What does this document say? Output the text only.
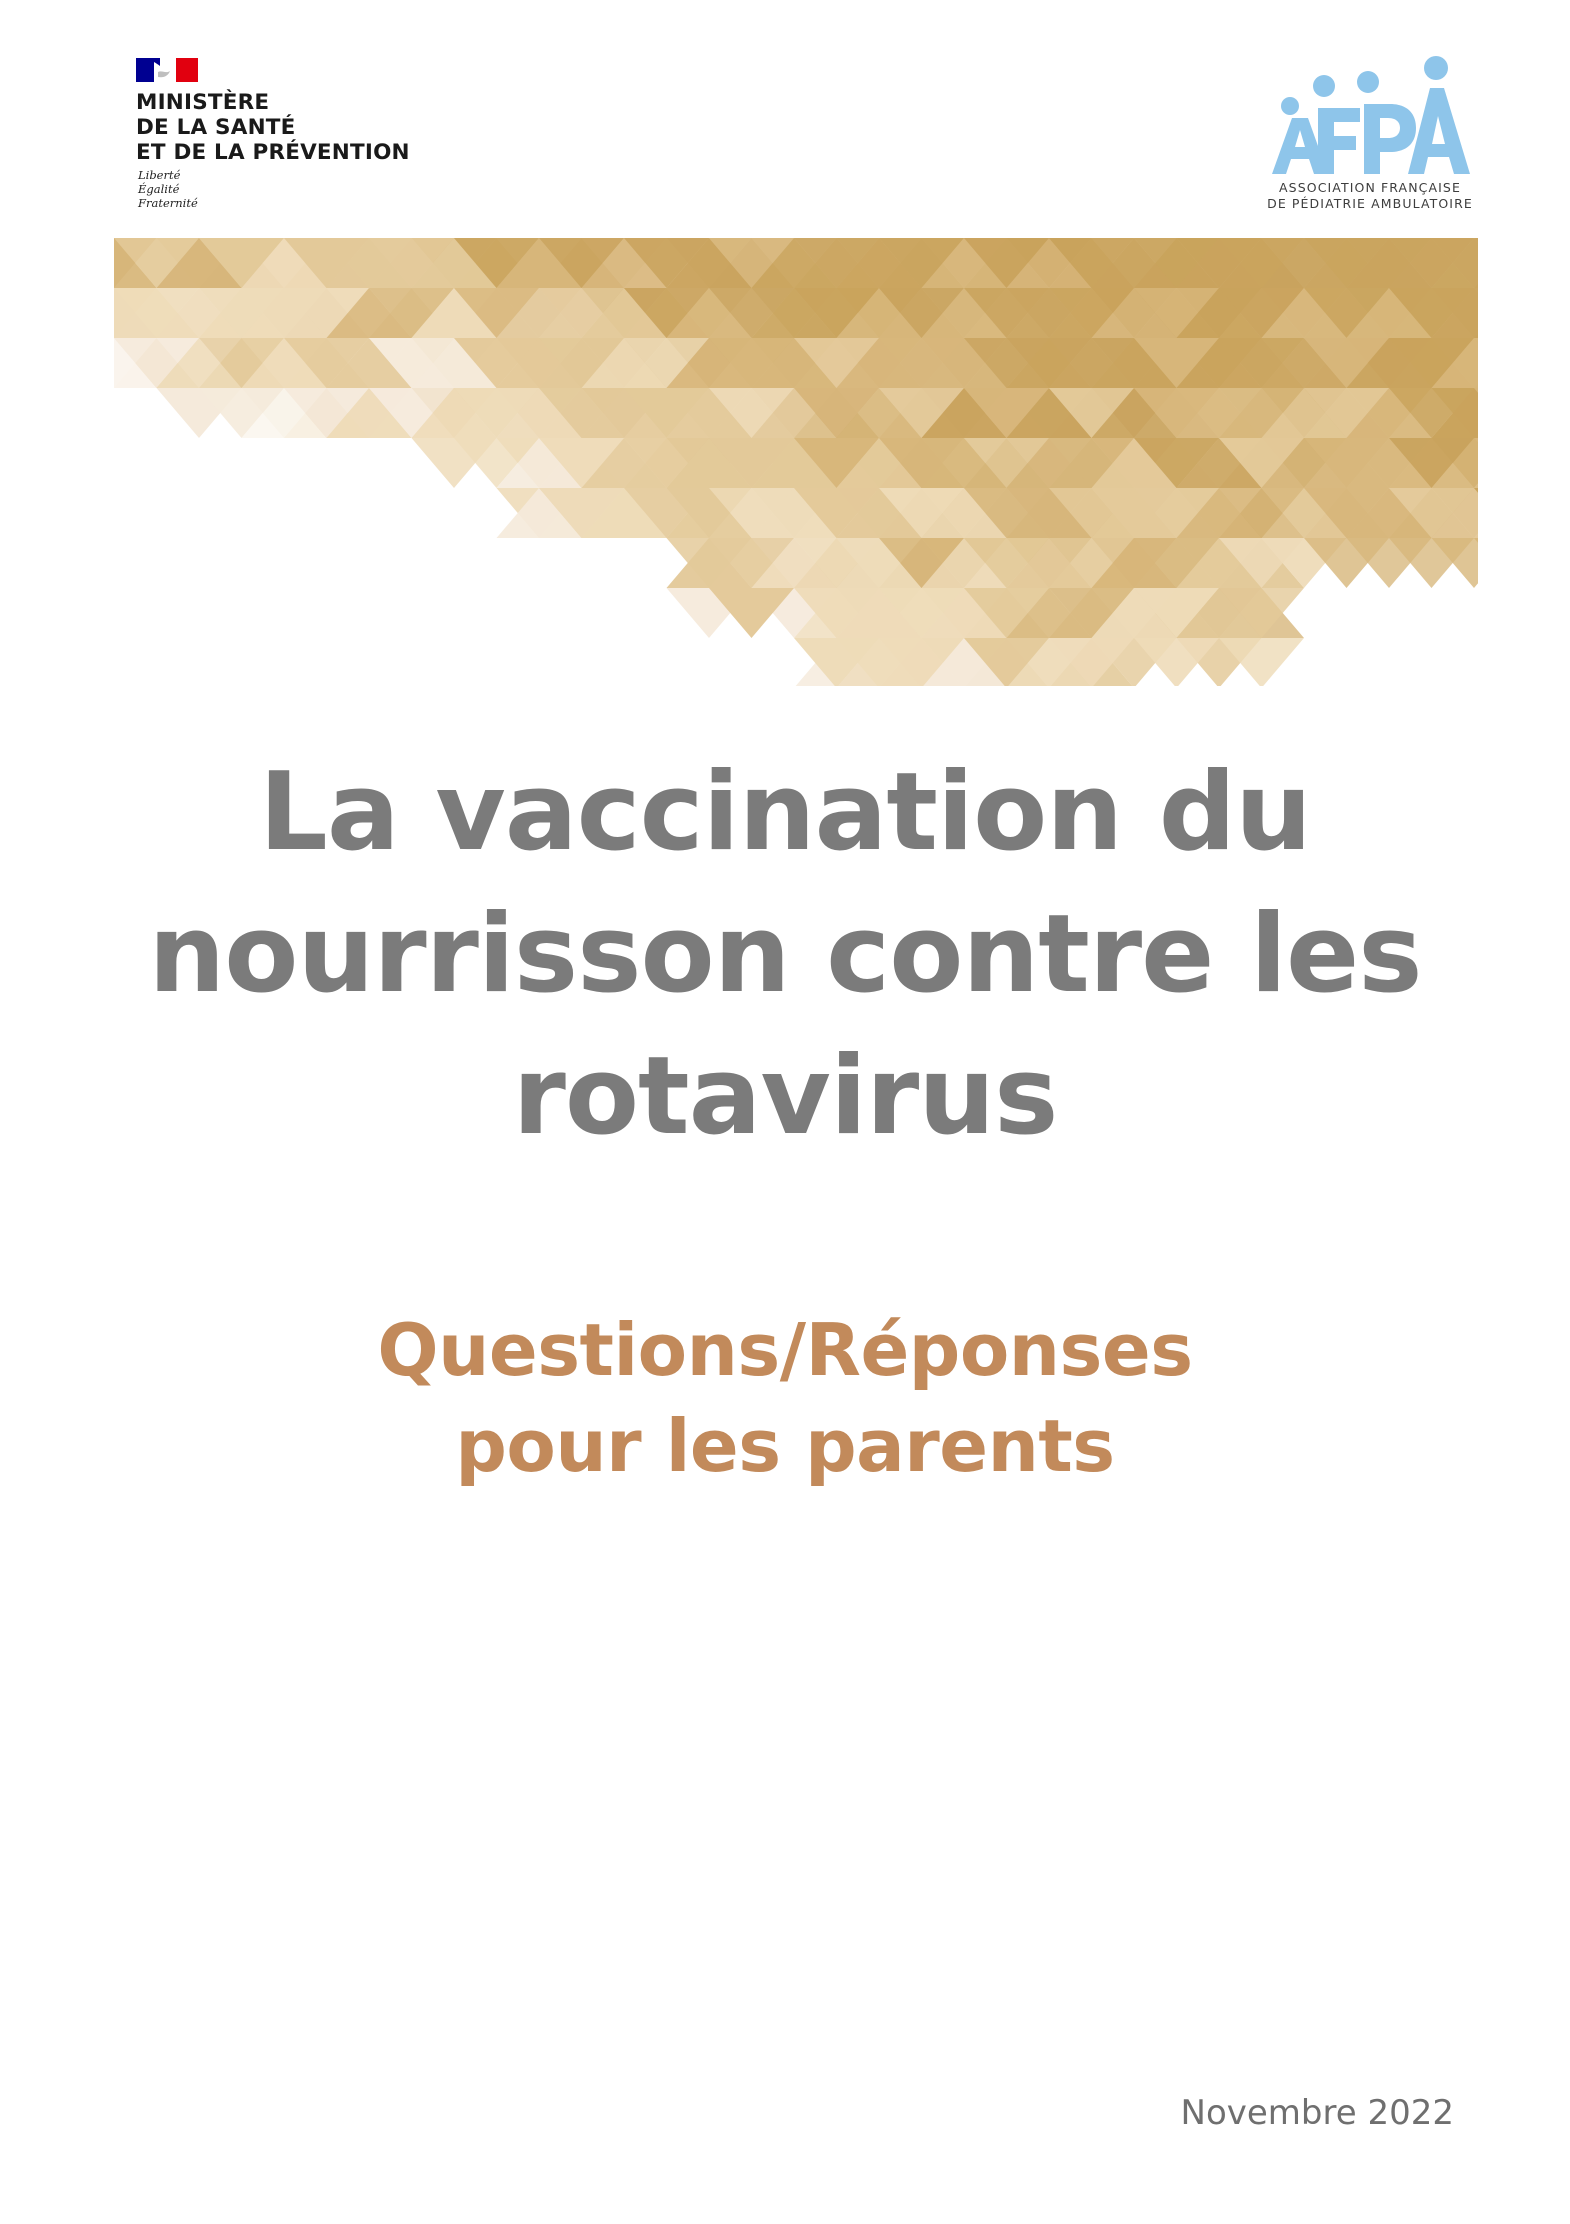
MINISTÈRE
DE LA SANTÉ
ET DE LA PRÉVENTION
Liberté
Égalité
Fraternité
ASSOCIATION FRANÇAISE
DE PÉDIATRIE AMBULATOIRE
La vaccination du
nourrisson contre les
rotavirus
Questions/Réponses
pour les parents
Novembre 2022
